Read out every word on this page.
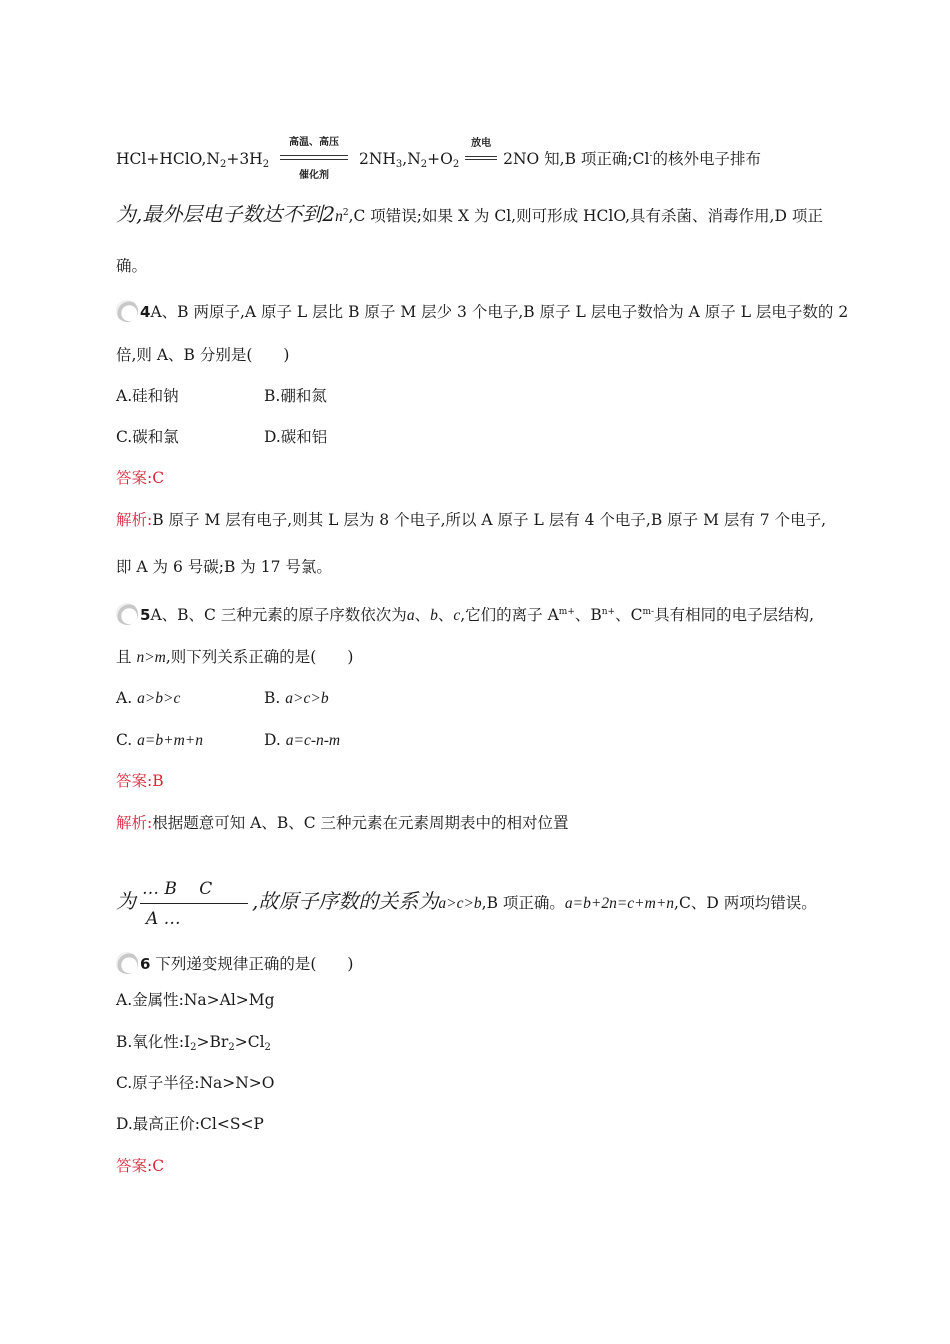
$HCl+HClO,N_2+3H_2$
高温、高压
催化剂
$2NH_3,N_2+O_2$
放电
2NO 知,B 项正确;Cl-的核外电子排布
为,最外层电子数达不到$2n^2,C$ 项错误;如果 X 为 Cl,则可形成 HClO,具有杀菌、消毒作用,D 项正
确。
4A、B 两原子,A 原子 L 层比 B 原子 M 层少 3 个电子,B 原子 L 层电子数恰为 A 原子 L 层电子数的 2
倍,则 A、B 分别是(　　)
A.硅和钠	B.硼和氮
C.碳和氯	D.碳和铝
答案:C
解析:B 原子 M 层有电子,则其 L 层为 8 个电子,所以 A 原子 L 层有 4 个电子,B 原子 M 层有 7 个电子,
即 A 为 6 号碳;B 为 17 号氯。
5A、B、C 三种元素的原子序数依次为a、b、c,它们的离子 $A^{m+}$、$B^{n+}$、$C^{m-}$具有相同的电子层结构,
且 n>m,则下列关系正确的是(　　)
A. a>b>c	B. a>c>b
C. a=b+m+n	D. a=c-n-m
答案:B
解析:根据题意可知 A、B、C 三种元素在元素周期表中的相对位置
为 $\frac{\text{… B　 C}}{A \dots}$ ,故原子序数的关系为a>c>b,B 项正确。a=b+2n=c+m+n,C、D 两项均错误。
6 下列递变规律正确的是(　　)
A.金属性:Na>Al>Mg
B.氧化性$:I_2>Br_2>Cl_2$
C.原子半径:Na>N>O
D.最高正价:Cl<S<P
答案:C
